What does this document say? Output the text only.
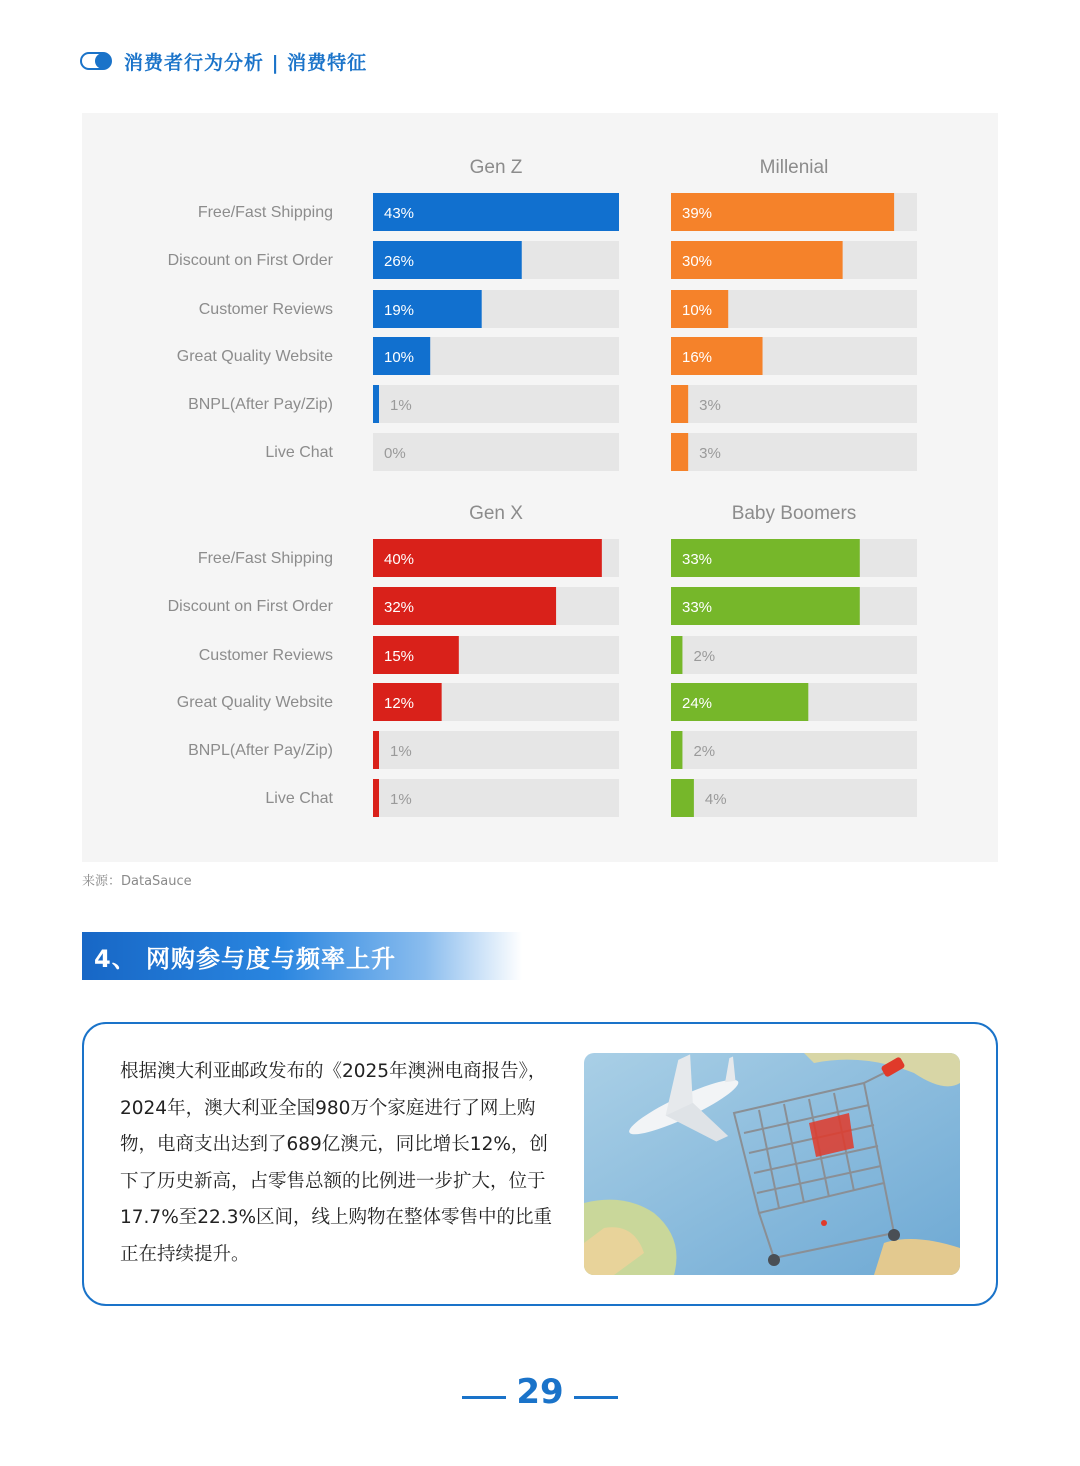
消费者行为分析 | 消费特征
Gen Z
43%
26%
19%
10%
1%
0%
Millenial
39%
30%
10%
16%
3%
3%
Gen X
40%
32%
15%
12%
1%
1%
Baby Boomers
33%
33%
2%
24%
2%
4%
Free/Fast Shipping
Discount on First Order
Customer Reviews
Great Quality Website
BNPL(After Pay/Zip)
Live Chat
Free/Fast Shipping
Discount on First Order
Customer Reviews
Great Quality Website
BNPL(After Pay/Zip)
Live Chat
来源：DataSauce
4、 网购参与度与频率上升
根据澳大利亚邮政发布的《2025年澳洲电商报告》，2024年，澳大利亚全国980万个家庭进行了网上购物，电商支出达到了689亿澳元，同比增长12%，创下了历史新高，占零售总额的比例进一步扩大，位于17.7%至22.3%区间，线上购物在整体零售中的比重正在持续提升。
29
